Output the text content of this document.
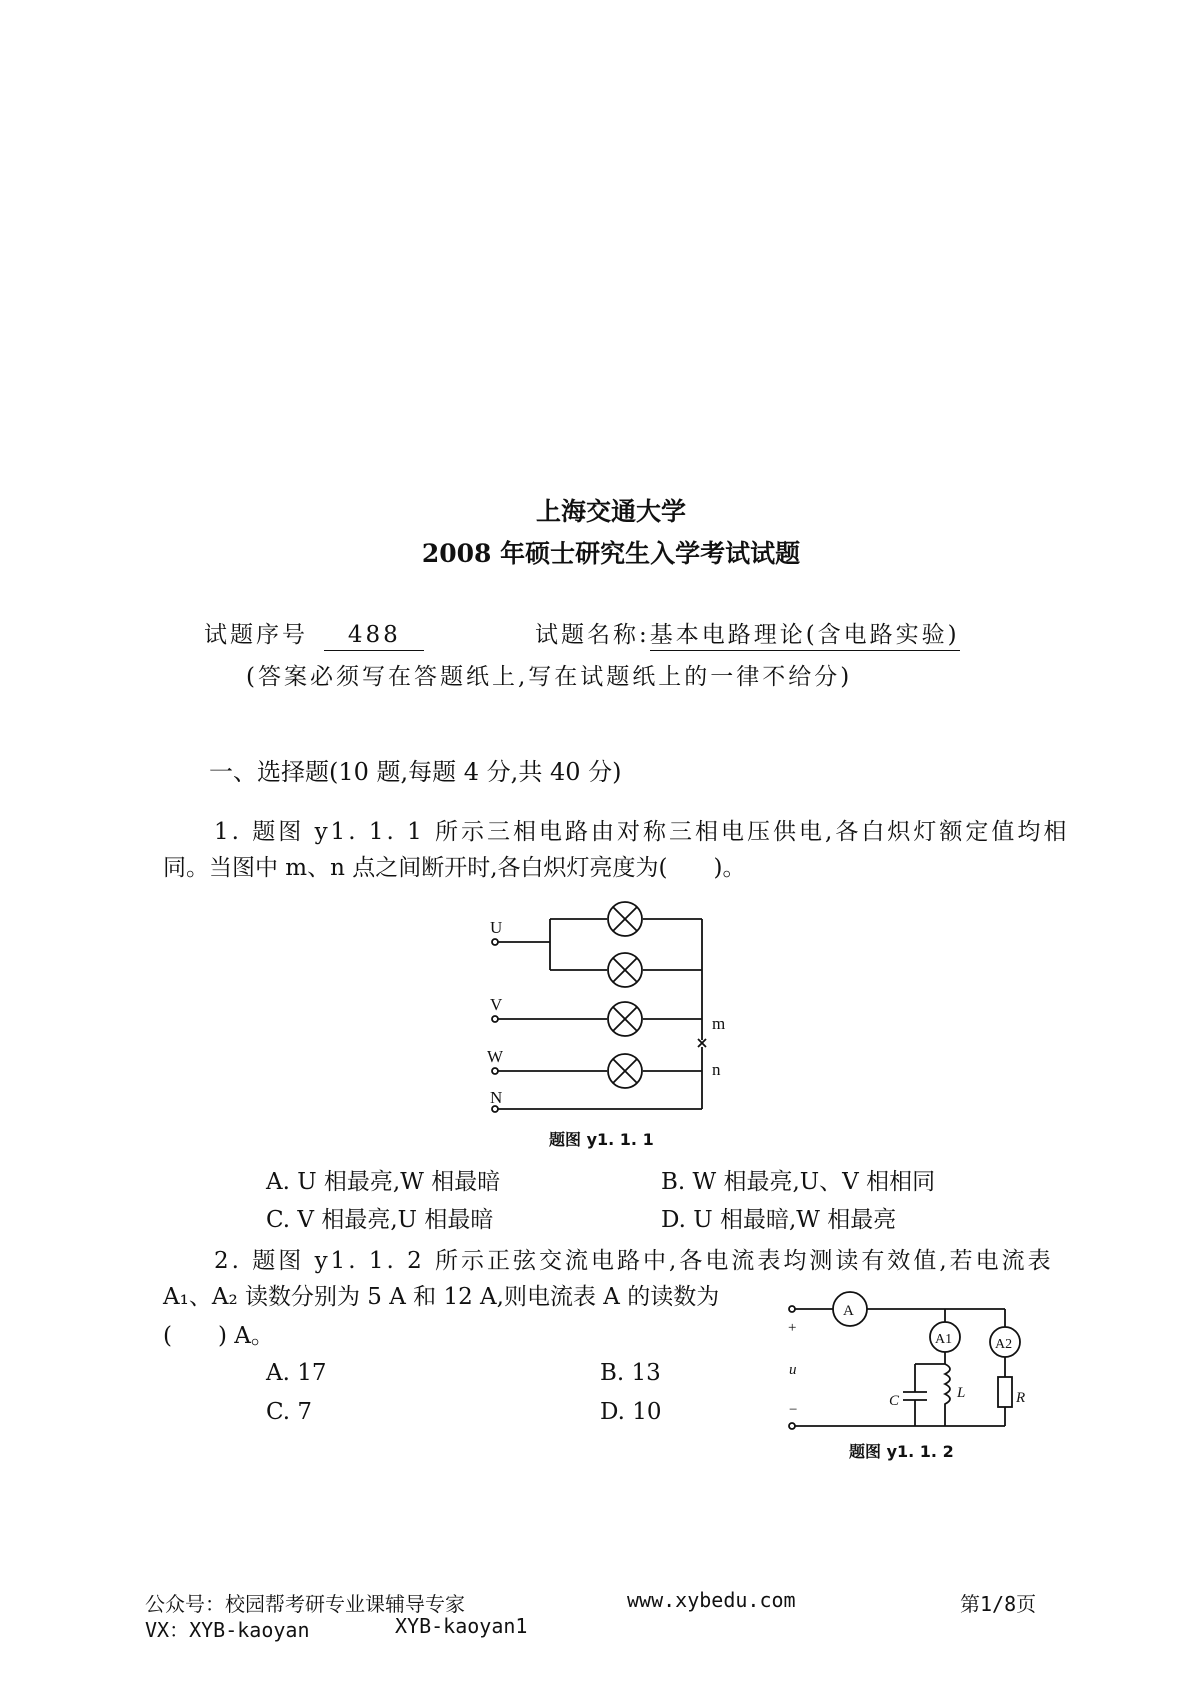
上海交通大学
2008 年硕士研究生入学考试试题
试题序号 488	试题名称:基本电路理论(含电路实验)
(答案必须写在答题纸上,写在试题纸上的一律不给分)
一、选择题(10 题,每题 4 分,共 40 分)
1. 题图 y1. 1. 1 所示三相电路由对称三相电压供电,各白炽灯额定值均相
同。当图中 m、n 点之间断开时,各白炽灯亮度为(　　)。
U
V
W
N
m
n
题图 y1. 1. 1
A. U 相最亮,W 相最暗	B. W 相最亮,U、V 相相同
C. V 相最亮,U 相最暗	D. U 相最暗,W 相最亮
2. 题图 y1. 1. 2 所示正弦交流电路中,各电流表均测读有效值,若电流表
A₁、A₂ 读数分别为 5 A 和 12 A,则电流表 A 的读数为
(　　) A。
A. 17	B. 13
C. 7	D. 10
A
A1	A2
+
u
−
C	L	R
题图 y1. 1. 2
公众号：校园帮考研专业课辅导专家	www.xybedu.com	第1/8页
VX：XYB-kaoyan	XYB-kaoyan1
